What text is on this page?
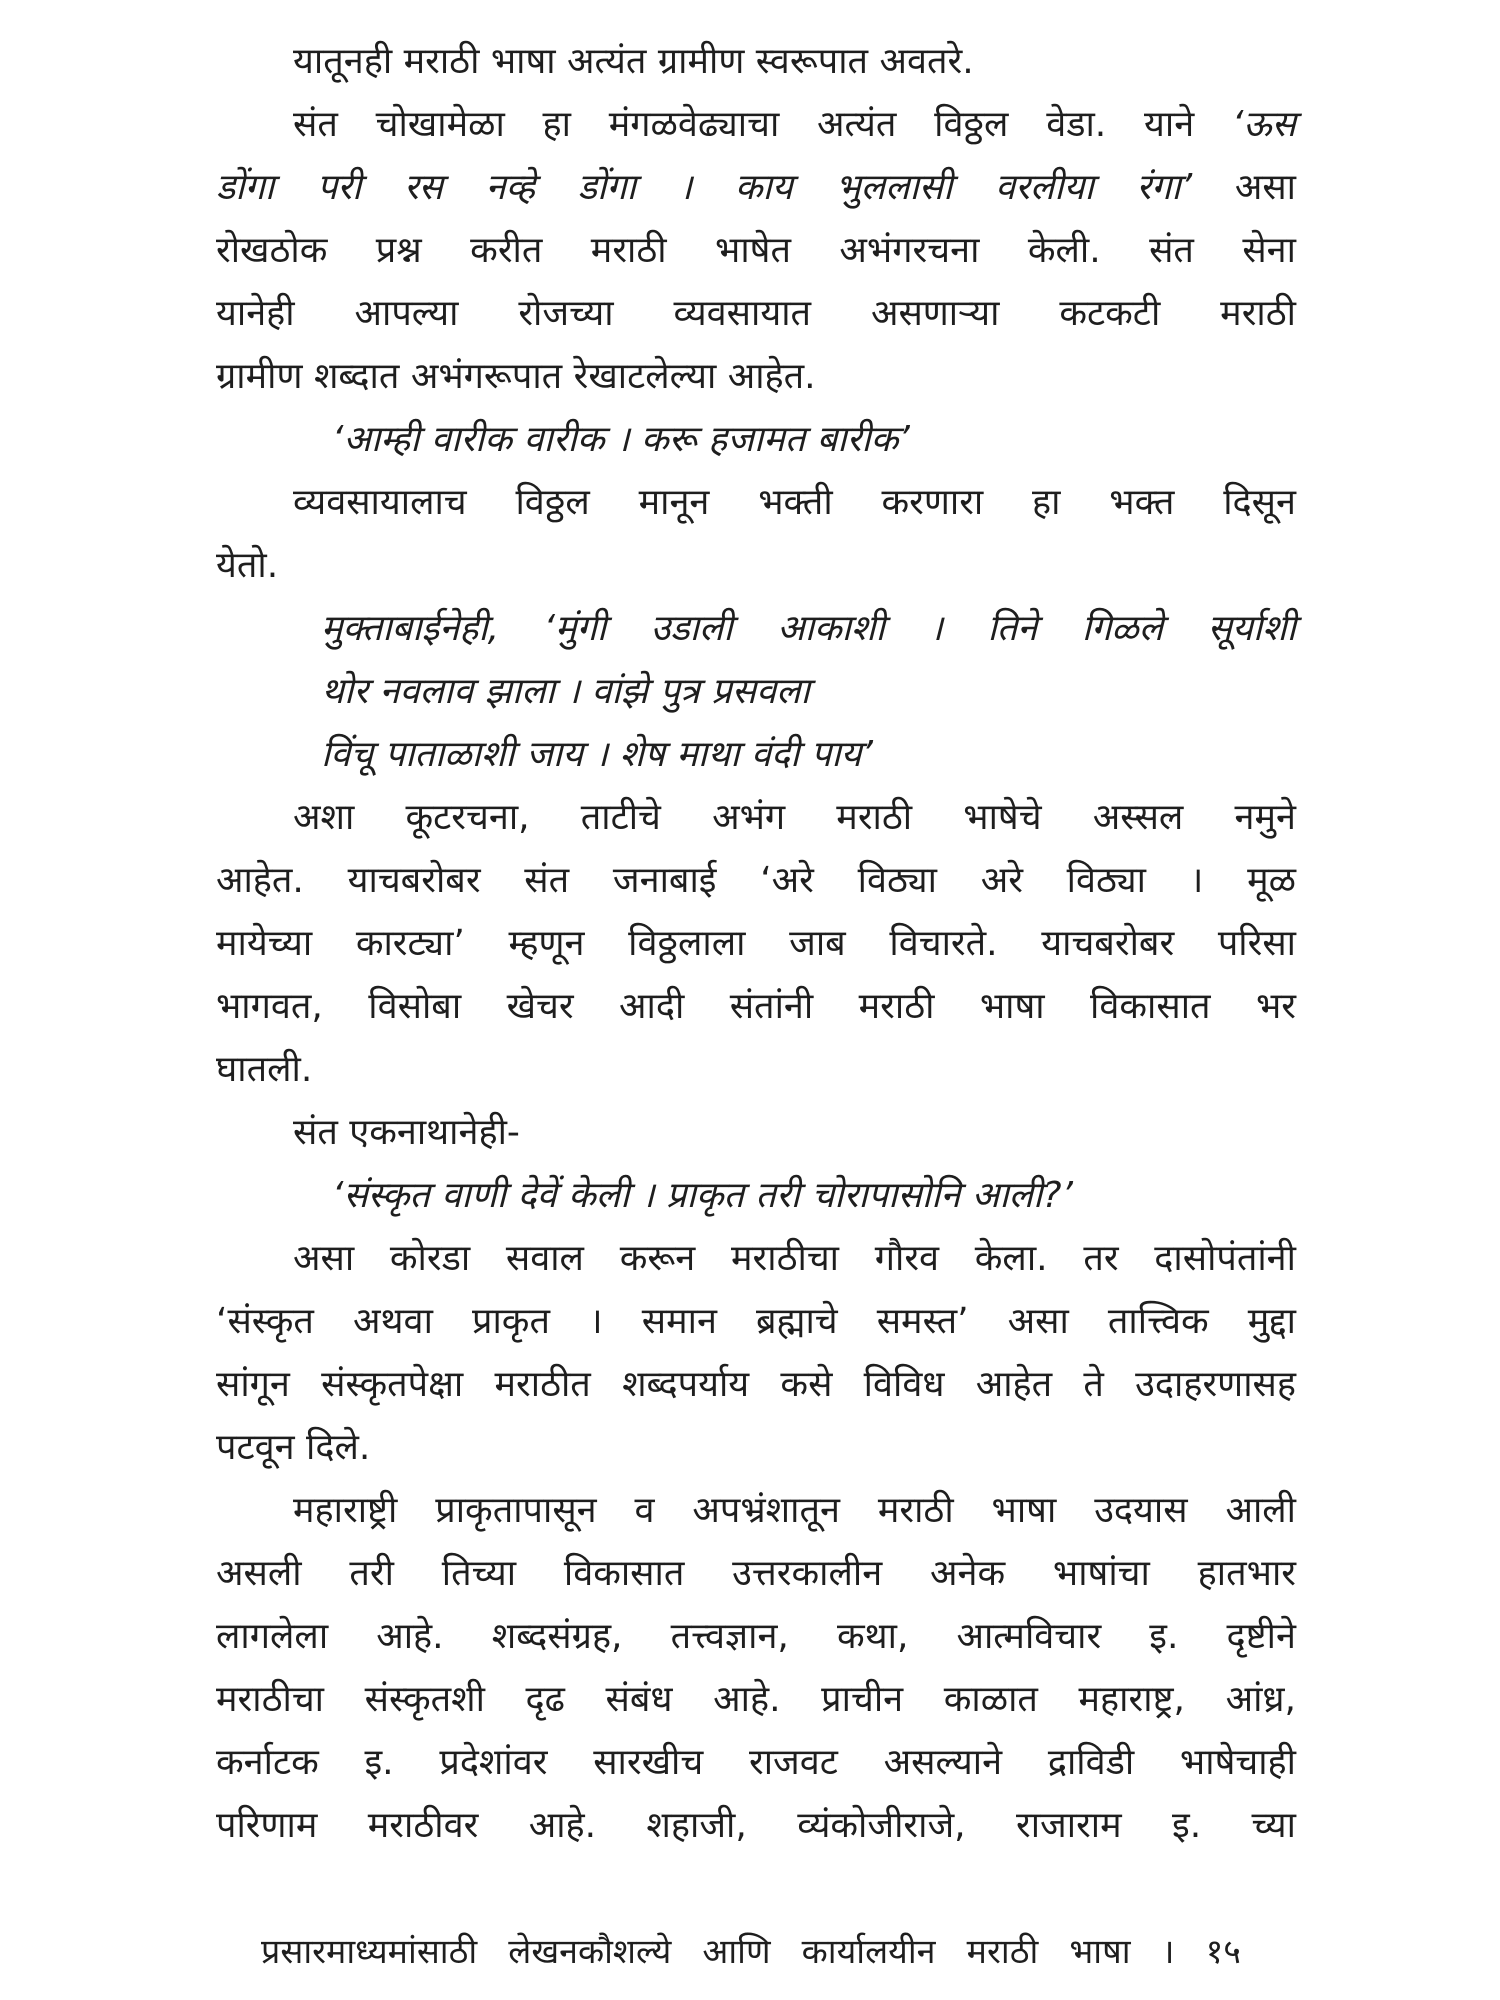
यातूनही मराठी भाषा अत्यंत ग्रामीण स्वरूपात अवतरे.
संत चोखामेळा हा मंगळवेढ्याचा अत्यंत विठ्ठल वेडा. याने ‘ऊस
डोंगा परी रस नव्हे डोंगा । काय भुललासी वरलीया रंगा’ असा
रोखठोक प्रश्न करीत मराठी भाषेत अभंगरचना केली. संत सेना
यानेही आपल्या रोजच्या व्यवसायात असणाऱ्या कटकटी मराठी
ग्रामीण शब्दात अभंगरूपात रेखाटलेल्या आहेत.
‘आम्ही वारीक वारीक । करू हजामत बारीक’
व्यवसायालाच विठ्ठल मानून भक्ती करणारा हा भक्त दिसून
येतो.
मुक्ताबाईनेही, ‘मुंगी उडाली आकाशी । तिने गिळले सूर्याशी
थोर नवलाव झाला । वांझे पुत्र प्रसवला
विंचू पाताळाशी जाय । शेष माथा वंदी पाय’
अशा कूटरचना, ताटीचे अभंग मराठी भाषेचे अस्सल नमुने
आहेत. याचबरोबर संत जनाबाई ‘अरे विठ्या अरे विठ्या । मूळ
मायेच्या कारट्या’ म्हणून विठ्ठलाला जाब विचारते. याचबरोबर परिसा
भागवत, विसोबा खेचर आदी संतांनी मराठी भाषा विकासात भर
घातली.
संत एकनाथानेही-
‘संस्कृत वाणी देवें केली । प्राकृत तरी चोरापासोनि आली?’
असा कोरडा सवाल करून मराठीचा गौरव केला. तर दासोपंतांनी
‘संस्कृत अथवा प्राकृत । समान ब्रह्माचे समस्त’ असा तात्त्विक मुद्दा
सांगून संस्कृतपेक्षा मराठीत शब्दपर्याय कसे विविध आहेत ते उदाहरणासह
पटवून दिले.
महाराष्ट्री प्राकृतापासून व अपभ्रंशातून मराठी भाषा उदयास आली
असली तरी तिच्या विकासात उत्तरकालीन अनेक भाषांचा हातभार
लागलेला आहे. शब्दसंग्रह, तत्त्वज्ञान, कथा, आत्मविचार इ. दृष्टीने
मराठीचा संस्कृतशी दृढ संबंध आहे. प्राचीन काळात महाराष्ट्र, आंध्र,
कर्नाटक इ. प्रदेशांवर सारखीच राजवट असल्याने द्राविडी भाषेचाही
परिणाम मराठीवर आहे. शहाजी, व्यंकोजीराजे, राजाराम इ. च्या
प्रसारमाध्यमांसाठी लेखनकौशल्ये आणि कार्यालयीन मराठी भाषा । १५
